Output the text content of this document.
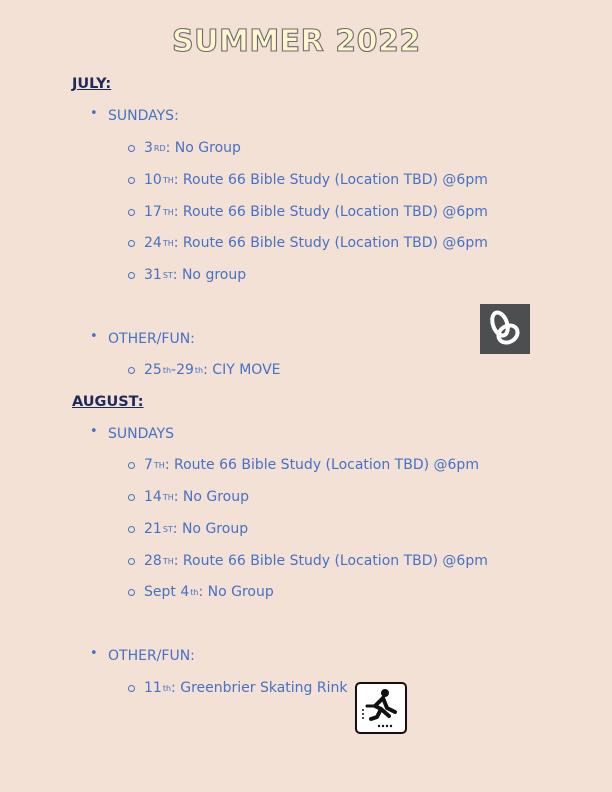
SUMMER 2022
JULY:
• SUNDAYS:
3 RD : No Group
10 TH : Route 66 Bible Study (Location TBD) @6pm
17 TH : Route 66 Bible Study (Location TBD) @6pm
24 TH : Route 66 Bible Study (Location TBD) @6pm
31 ST : No group
• OTHER/FUN:
25 th -29 th : CIY MOVE
AUGUST:
• SUNDAYS
7 TH : Route 66 Bible Study (Location TBD) @6pm
14 TH : No Group
21 ST : No Group
28 TH : Route 66 Bible Study (Location TBD) @6pm
Sept 4 th : No Group
• OTHER/FUN:
11 th : Greenbrier Skating Rink
